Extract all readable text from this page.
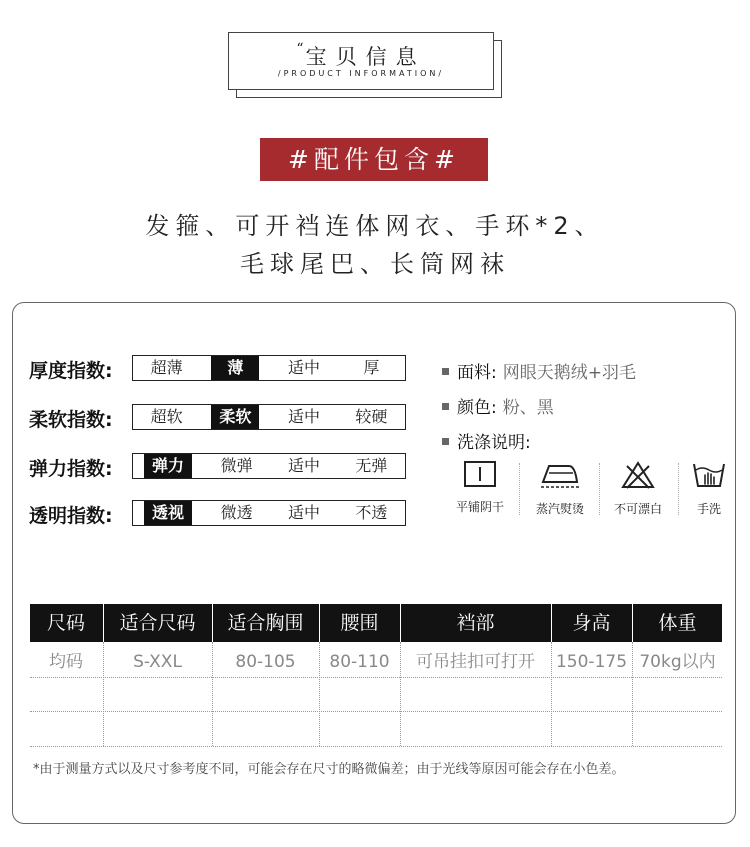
“宝贝信息
/PRODUCT INFORMATION/
#配件包含#
发箍、可开裆连体网衣、手环*2、
毛球尾巴、长筒网袜
厚度指数:	超薄	薄	适中	厚
柔软指数:	超软	柔软	适中	较硬
弹力指数:	弹力	微弹	适中	无弹
透明指数:	透视	微透	适中	不透
面料: 网眼天鹅绒+羽毛
颜色: 粉、黑
洗涤说明:
平铺阴干	蒸汽熨烫	不可漂白	手洗
尺码	适合尺码	适合胸围	腰围	裆部	身高	体重
均码	S-XXL	80-105	80-110	可吊挂扣可打开	150-175 70kg以内
*由于测量方式以及尺寸参考度不同，可能会存在尺寸的略微偏差；由于光线等原因可能会存在小色差。
